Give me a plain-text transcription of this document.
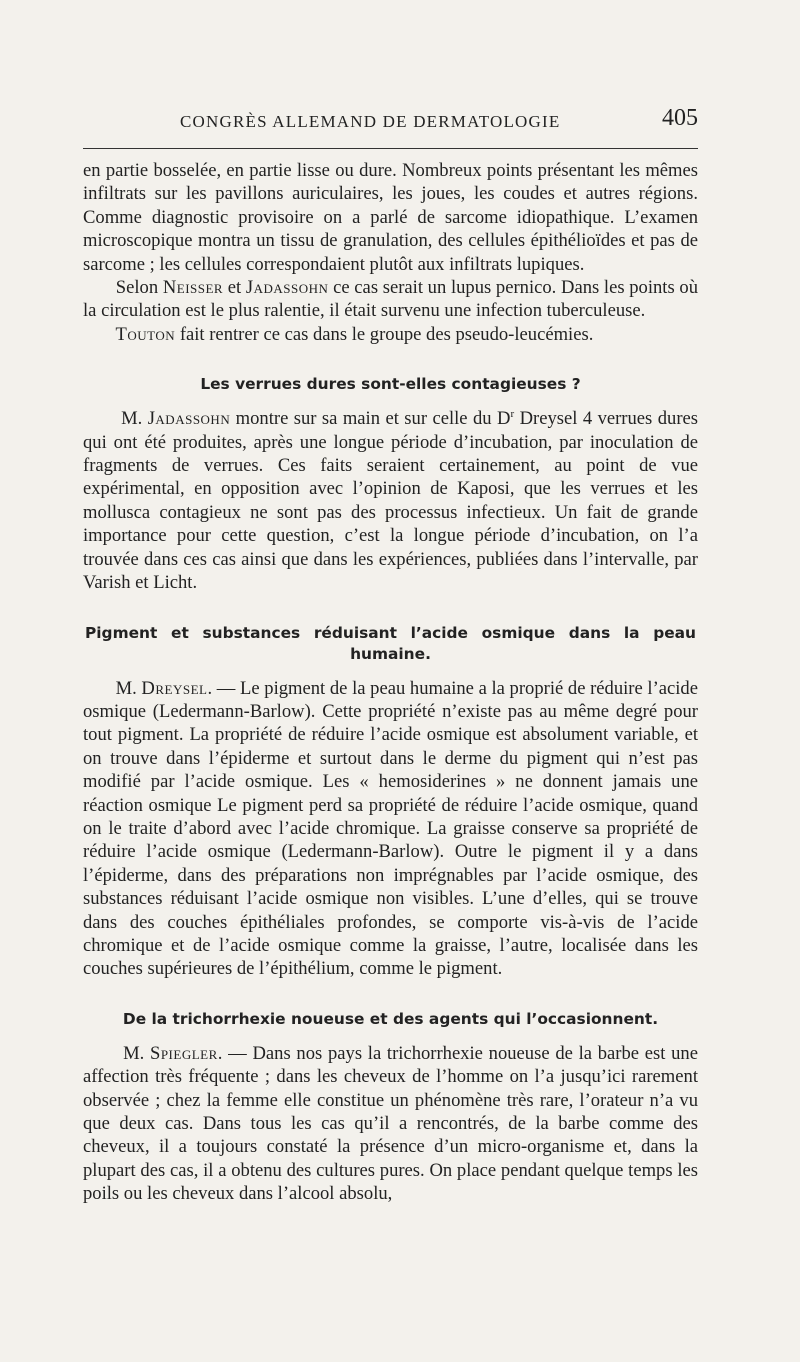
CONGRÈS ALLEMAND DE DERMATOLOGIE	405

en partie bosselée, en partie lisse ou dure. Nombreux points présentant les mêmes infiltrats sur les pavillons auriculaires, les joues, les coudes et autres régions. Comme diagnostic provisoire on a parlé de sarcome idiopathique. L’examen microscopique montra un tissu de granulation, des cellules épithélioïdes et pas de sarcome ; les cellules correspondaient plutôt aux infiltrats lupiques.

Selon Neisser et Jadassohn ce cas serait un lupus pernico. Dans les points où la circulation est le plus ralentie, il était survenu une infection tuberculeuse.

Touton fait rentrer ce cas dans le groupe des pseudo-leucémies.

Les verrues dures sont-elles contagieuses ?

M. Jadassohn montre sur sa main et sur celle du $D^r$ Dreysel 4 verrues dures qui ont été produites, après une longue période d’incubation, par inoculation de fragments de verrues. Ces faits seraient certainement, au point de vue expérimental, en opposition avec l’opinion de Kaposi, que les verrues et les mollusca contagieux ne sont pas des processus infectieux. Un fait de grande importance pour cette question, c’est la longue période d’incubation, on l’a trouvée dans ces cas ainsi que dans les expériences, publiées dans l’intervalle, par Varish et Licht.

Pigment et substances réduisant l’acide osmique dans la peau humaine.

M. Dreysel. — Le pigment de la peau humaine a la proprié de réduire l’acide osmique (Ledermann-Barlow). Cette propriété n’existe pas au même degré pour tout pigment. La propriété de réduire l’acide osmique est absolument variable, et on trouve dans l’épiderme et surtout dans le derme du pigment qui n’est pas modifié par l’acide osmique. Les « hemosiderines » ne donnent jamais une réaction osmique Le pigment perd sa propriété de réduire l’acide osmique, quand on le traite d’abord avec l’acide chromique. La graisse conserve sa propriété de réduire l’acide osmique (Ledermann-Barlow). Outre le pigment il y a dans l’épiderme, dans des préparations non imprégnables par l’acide osmique, des substances réduisant l’acide osmique non visibles. L’une d’elles, qui se trouve dans des couches épithéliales profondes, se comporte vis-à-vis de l’acide chromique et de l’acide osmique comme la graisse, l’autre, localisée dans les couches supérieures de l’épithélium, comme le pigment.

De la trichorrhexie noueuse et des agents qui l’occasionnent.

M. Spiegler. — Dans nos pays la trichorrhexie noueuse de la barbe est une affection très fréquente ; dans les cheveux de l’homme on l’a jusqu’ici rarement observée ; chez la femme elle constitue un phénomène très rare, l’orateur n’a vu que deux cas. Dans tous les cas qu’il a rencontrés, de la barbe comme des cheveux, il a toujours constaté la présence d’un micro-organisme et, dans la plupart des cas, il a obtenu des cultures pures. On place pendant quelque temps les poils ou les cheveux dans l’alcool absolu,
